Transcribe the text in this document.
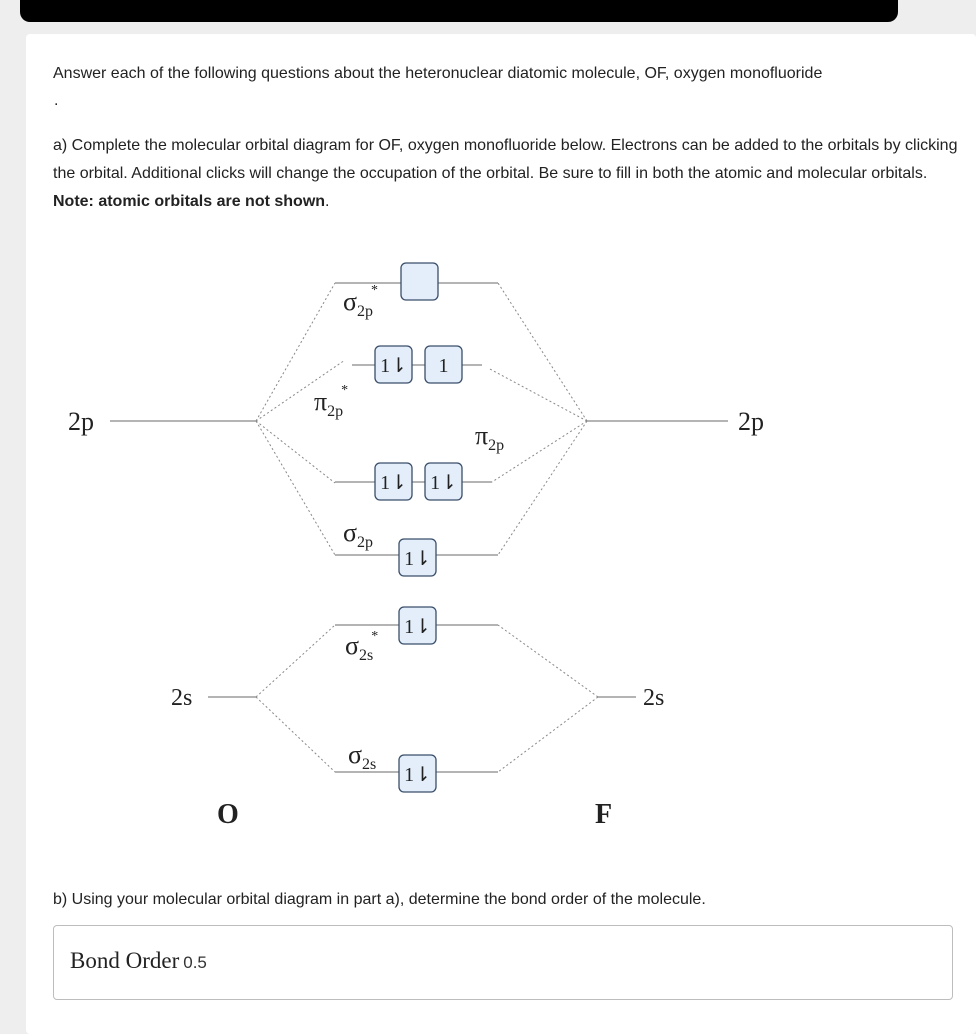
Answer each of the following questions about the heteronuclear diatomic molecule, OF, oxygen monofluoride

.

a) Complete the molecular orbital diagram for OF, oxygen monofluoride below. Electrons can be added to the orbitals by clicking the orbital. Additional clicks will change the occupation of the orbital. Be sure to fill in both the atomic and molecular orbitals. Note: atomic orbitals are not shown.

1⇂ 1
1⇂ 1⇂
1⇂
1⇂
1⇂
$\sigma_{2p}*$
$\pi_{2p}*$
$\pi_{2p}$
$\sigma_{2p}$
$\sigma_{2s}*$
$\sigma_{2s}$
2p	2p
2s	2s
O	F
b) Using your molecular orbital diagram in part a), determine the bond order of the molecule.
Bond Order 0.5
